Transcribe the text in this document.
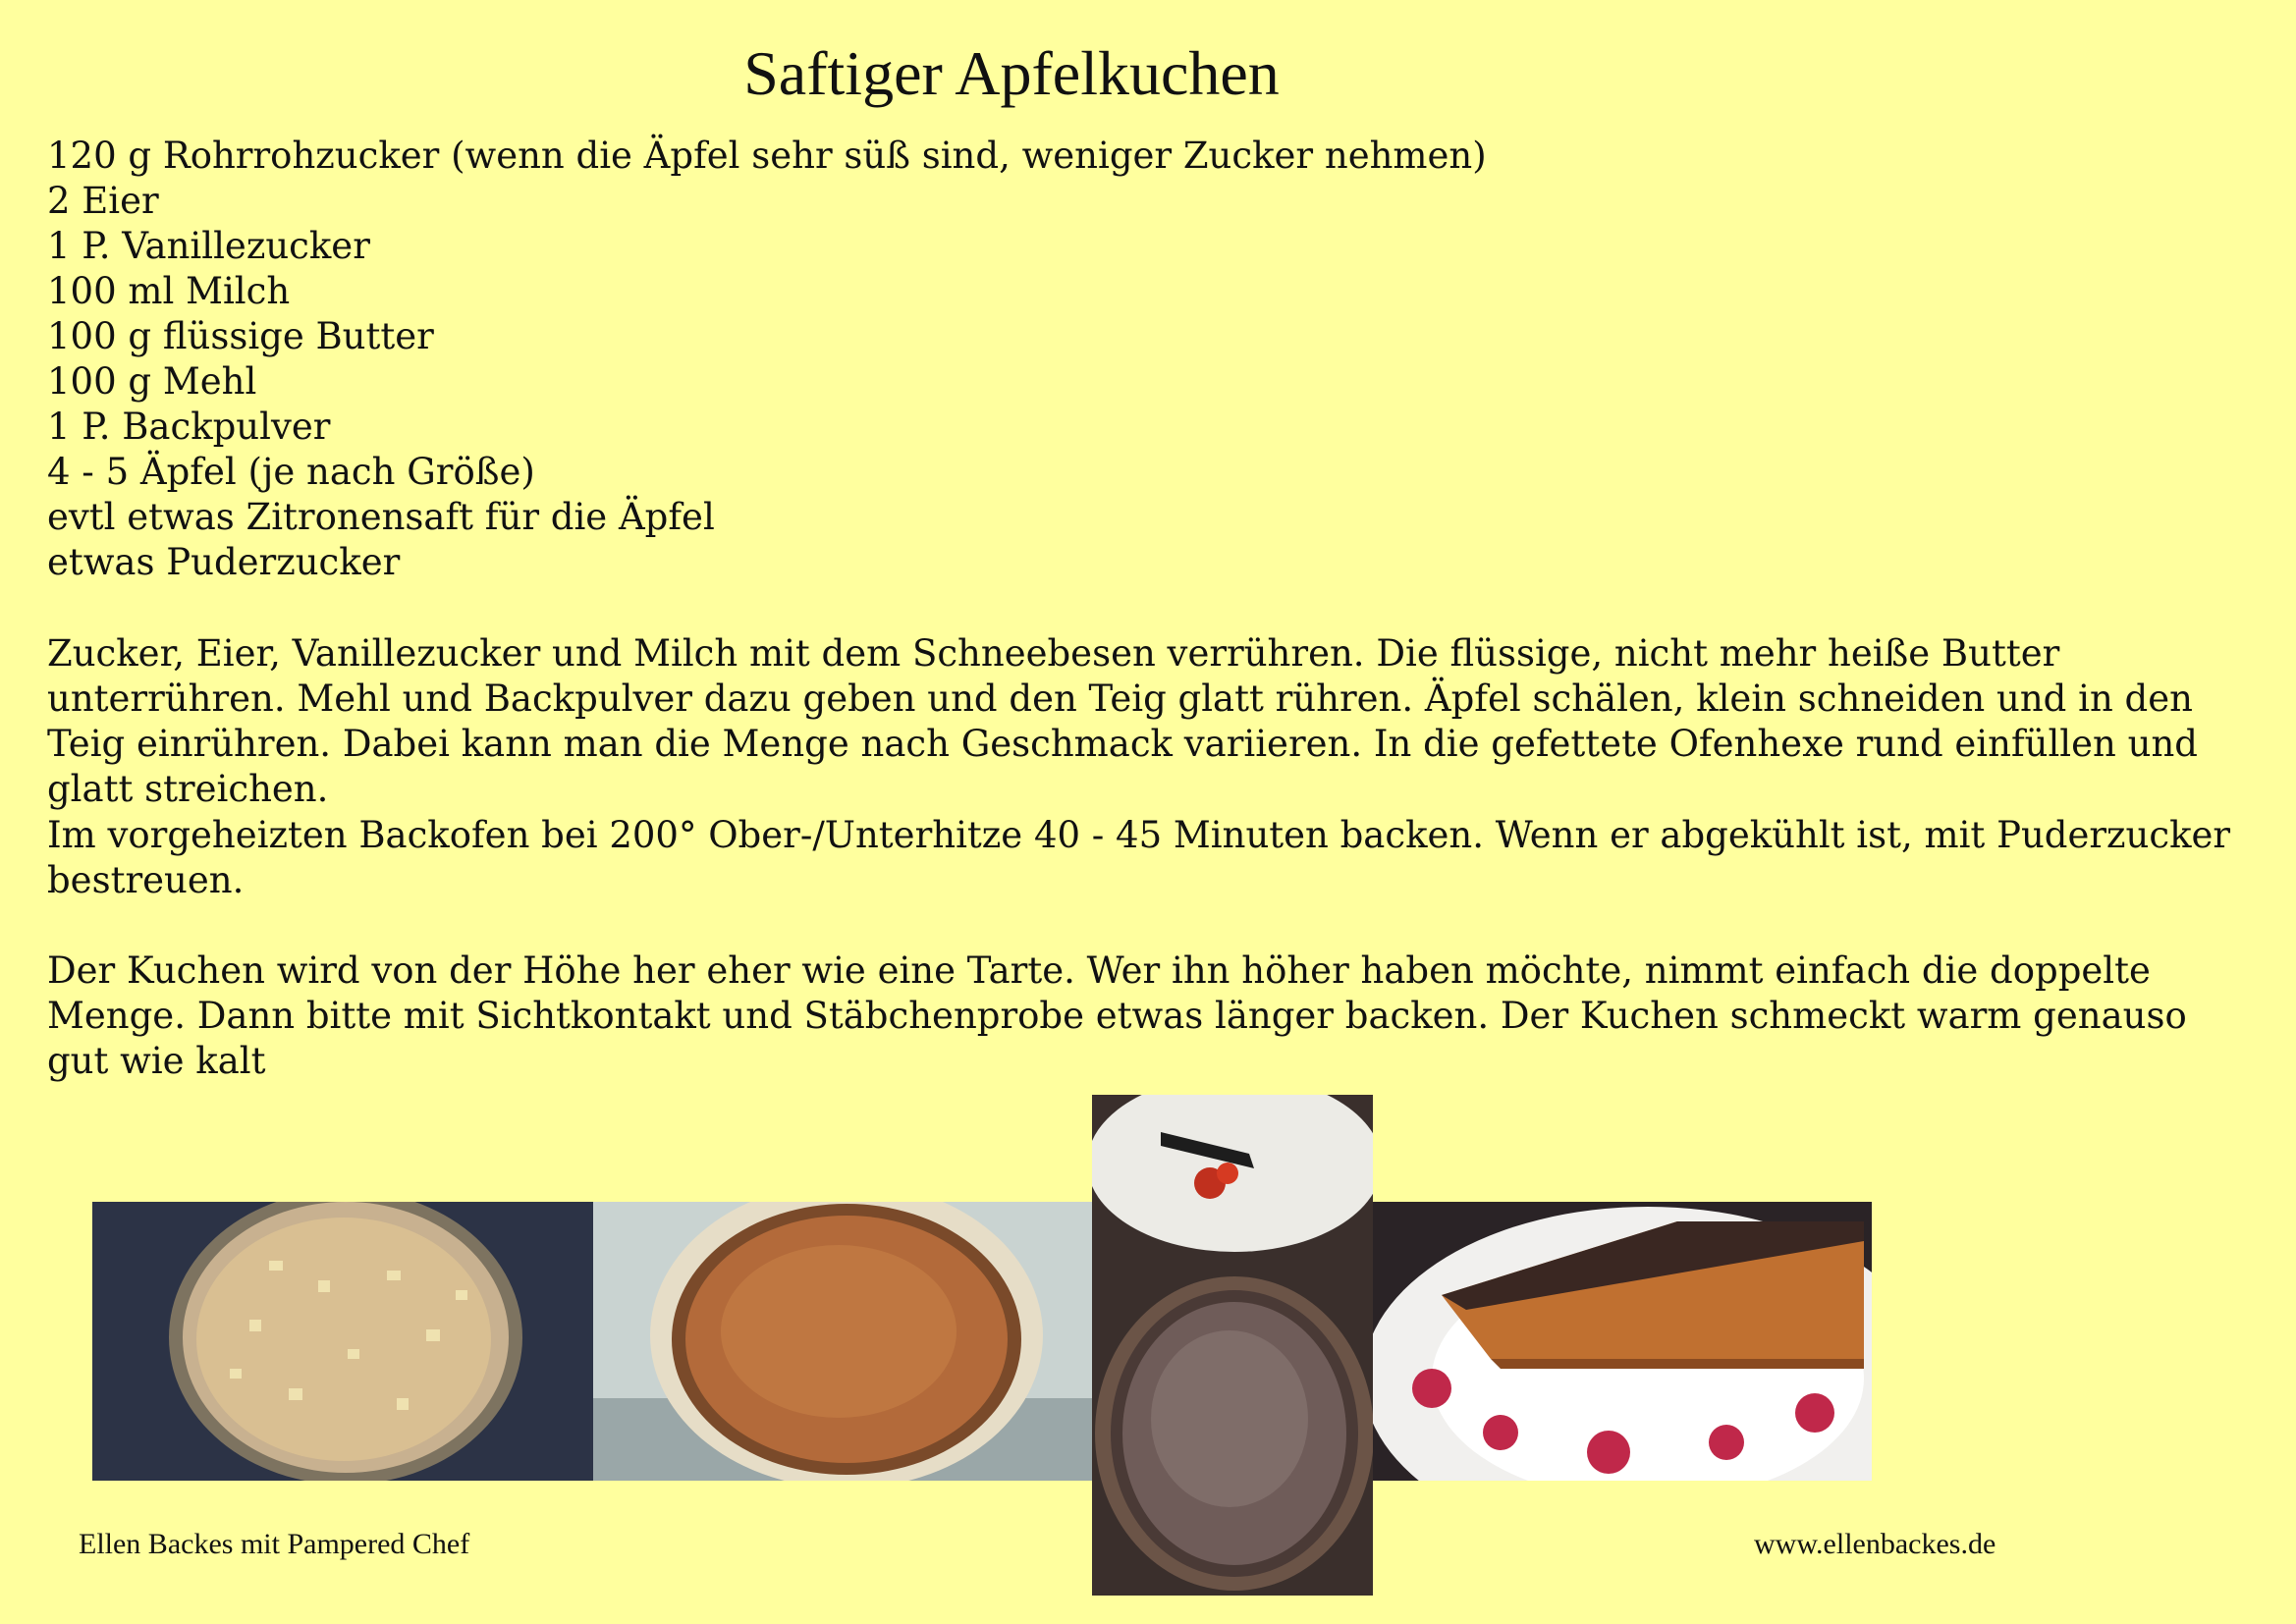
Saftiger Apfelkuchen
120 g Rohrrohzucker (wenn die Äpfel sehr süß sind, weniger Zucker nehmen)
2 Eier
1 P. Vanillezucker
100 ml Milch
100 g flüssige Butter
100 g Mehl
1 P. Backpulver
4 - 5 Äpfel (je nach Größe)
evtl etwas Zitronensaft für die Äpfel
etwas Puderzucker

Zucker, Eier, Vanillezucker und Milch mit dem Schneebesen verrühren. Die flüssige, nicht mehr heiße Butter unterrühren. Mehl und Backpulver dazu geben und den Teig glatt rühren. Äpfel schälen, klein schneiden und in den Teig einrühren. Dabei kann man die Menge nach Geschmack variieren. In die gefettete Ofenhexe rund einfüllen und glatt streichen.

Im vorgeheizten Backofen bei 200° Ober-/Unterhitze 40 - 45 Minuten backen. Wenn er abgekühlt ist, mit Puderzucker bestreuen.

Der Kuchen wird von der Höhe her eher wie eine Tarte. Wer ihn höher haben möchte, nimmt einfach die doppelte Menge. Dann bitte mit Sichtkontakt und Stäbchenprobe etwas länger backen. Der Kuchen schmeckt warm genauso gut wie kalt

Ellen Backes mit Pampered Chef	www.ellenbackes.de
